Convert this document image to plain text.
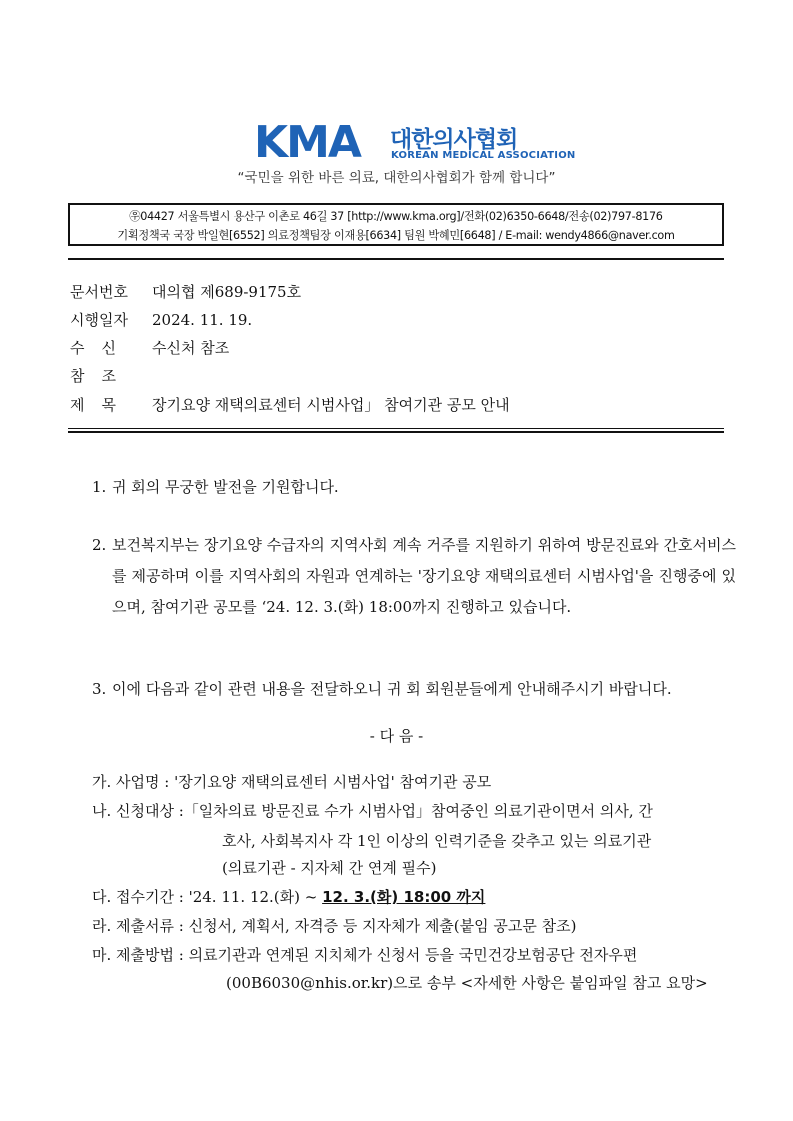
KMA 대한의사협회
KOREAN MEDICAL ASSOCIATION
“국민을 위한 바른 의료, 대한의사협회가 함께 합니다”
㉾04427 서울특별시 용산구 이촌로 46길 37 [http://www.kma.org]/전화(02)6350-6648/전송(02)797-8176
기획정책국 국장 박일현[6552] 의료정책팀장 이재용[6634] 팀원 박혜민[6648] / E-mail: wendy4866@naver.com
문서번호 대의협 제689-9175호
시행일자 2024. 11. 19.
수 신 수신처 참조
참 조
제 목 장기요양 재택의료센터 시범사업」 참여기관 공모 안내
1. 귀 회의 무궁한 발전을 기원합니다.
2. 보건복지부는 장기요양 수급자의 지역사회 계속 거주를 지원하기 위하여 방문진료와 간호서비스를 제공하며 이를 지역사회의 자원과 연계하는 '장기요양 재택의료센터 시범사업'을 진행중에 있으며, 참여기관 공모를 ‘24. 12. 3.(화) 18:00까지 진행하고 있습니다.
3. 이에 다음과 같이 관련 내용을 전달하오니 귀 회 회원분들에게 안내해주시기 바랍니다.
- 다 음 -
가. 사업명 : '장기요양 재택의료센터 시범사업' 참여기관 공모
나. 신청대상 :「일차의료 방문진료 수가 시범사업」참여중인 의료기관이면서 의사, 간
호사, 사회복지사 각 1인 이상의 인력기준을 갖추고 있는 의료기관
(의료기관 - 지자체 간 연계 필수)
다. 접수기간 : '24. 11. 12.(화) ~ 12. 3.(화) 18:00 까지
라. 제출서류 : 신청서, 계획서, 자격증 등 지자체가 제출(붙임 공고문 참조)
마. 제출방법 : 의료기관과 연계된 지치체가 신청서 등을 국민건강보험공단 전자우편
(00B6030@nhis.or.kr)으로 송부 <자세한 사항은 붙임파일 참고 요망>
